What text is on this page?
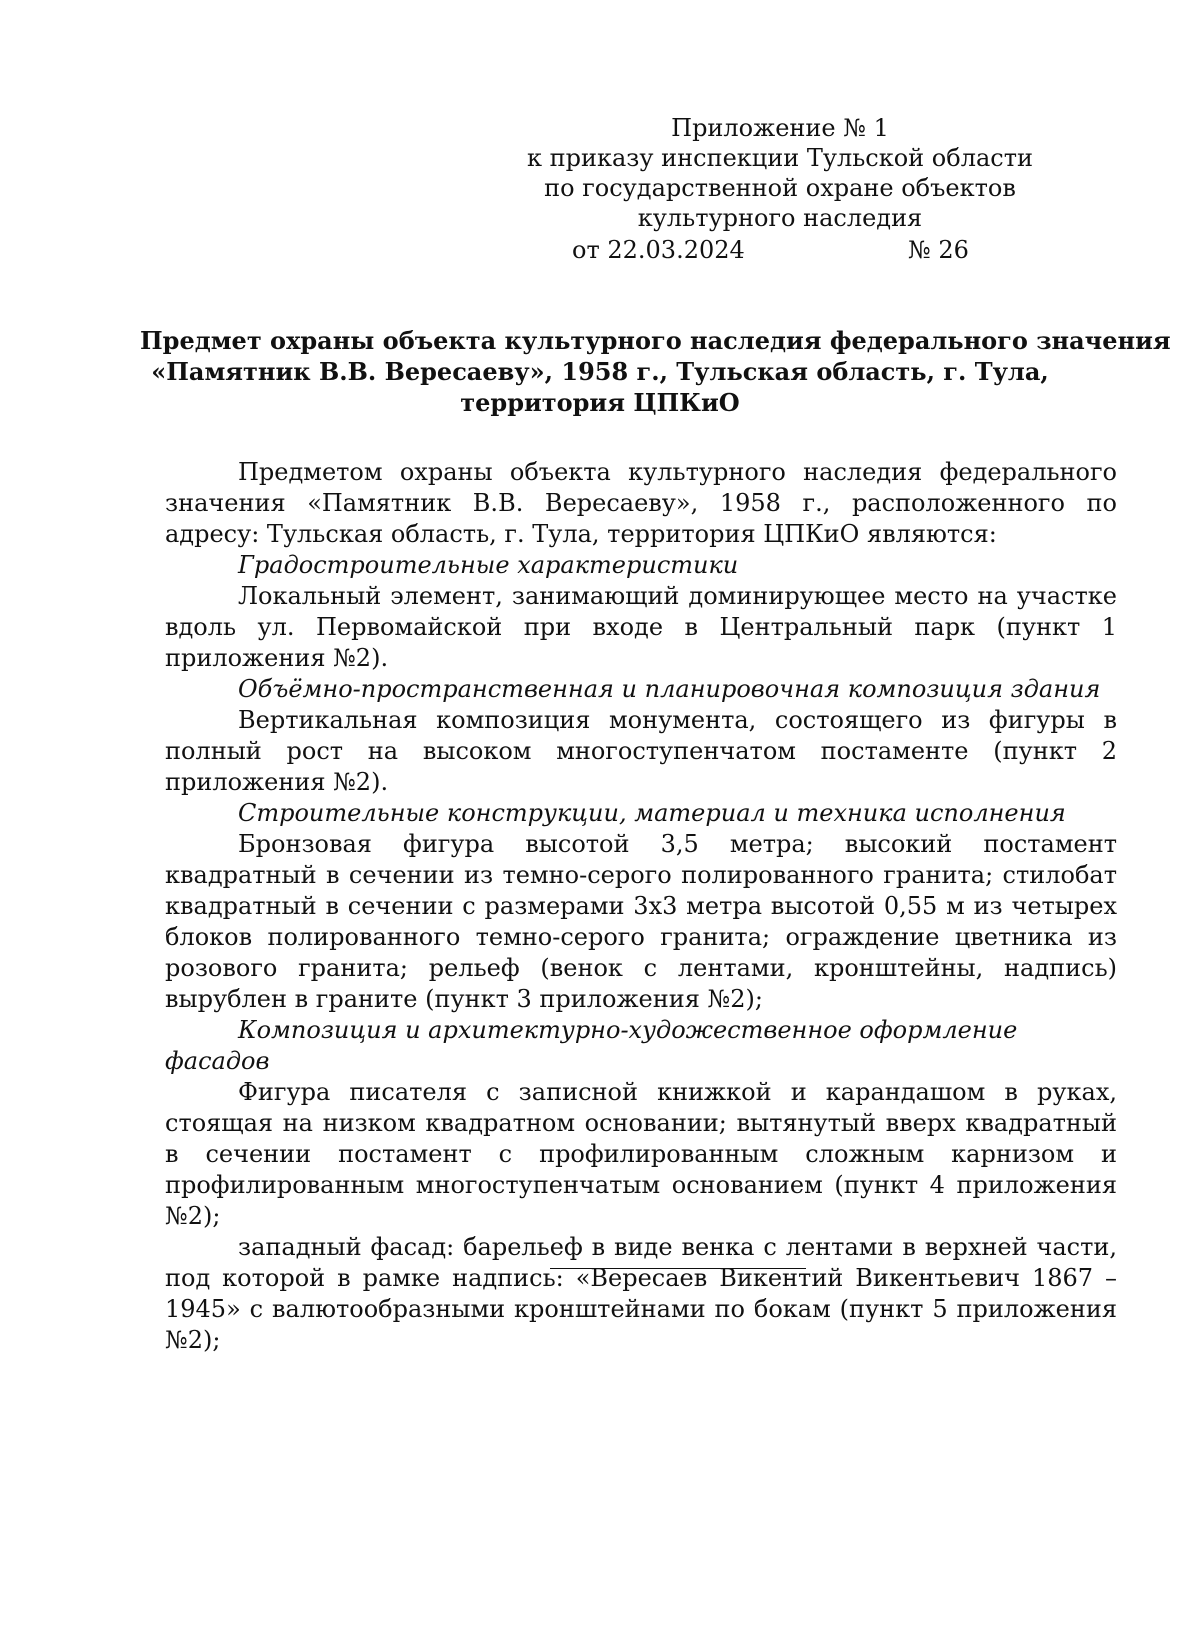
Приложение № 1
к приказу инспекции Тульской области
по государственной охране объектов
культурного наследия
от 22.03.2024	№ 26
Предмет охраны объекта культурного наследия федерального значения
«Памятник В.В. Вересаеву», 1958 г., Тульская область, г. Тула,
территория ЦПКиО

Предметом охраны объекта культурного наследия федерального значения «Памятник В.В. Вересаеву», 1958 г., расположенного по адресу: Тульская область, г. Тула, территория ЦПКиО являются:

Градостроительные характеристики

Локальный элемент, занимающий доминирующее место на участке вдоль ул. Первомайской при входе в Центральный парк (пункт 1 приложения №2).

Объёмно-пространственная и планировочная композиция здания

Вертикальная композиция монумента, состоящего из фигуры в полный рост на высоком многоступенчатом постаменте (пункт 2 приложения №2).

Строительные конструкции, материал и техника исполнения

Бронзовая фигура высотой 3,5 метра; высокий постамент квадратный в сечении из темно-серого полированного гранита; стилобат квадратный в сечении с размерами 3х3 метра высотой 0,55 м из четырех блоков полированного темно-серого гранита; ограждение цветника из розового гранита; рельеф (венок с лентами, кронштейны, надпись) вырублен в граните (пункт 3 приложения №2);

Композиция и архитектурно-художественное оформление фасадов

Фигура писателя с записной книжкой и карандашом в руках, стоящая на низком квадратном основании; вытянутый вверх квадратный в сечении постамент с профилированным сложным карнизом и профилированным многоступенчатым основанием (пункт 4 приложения №2);

западный фасад: барельеф в виде венка с лентами в верхней части, под которой в рамке надпись: «Вересаев Викентий Викентьевич 1867 – 1945» с валютообразными кронштейнами по бокам (пункт 5 приложения №2);
